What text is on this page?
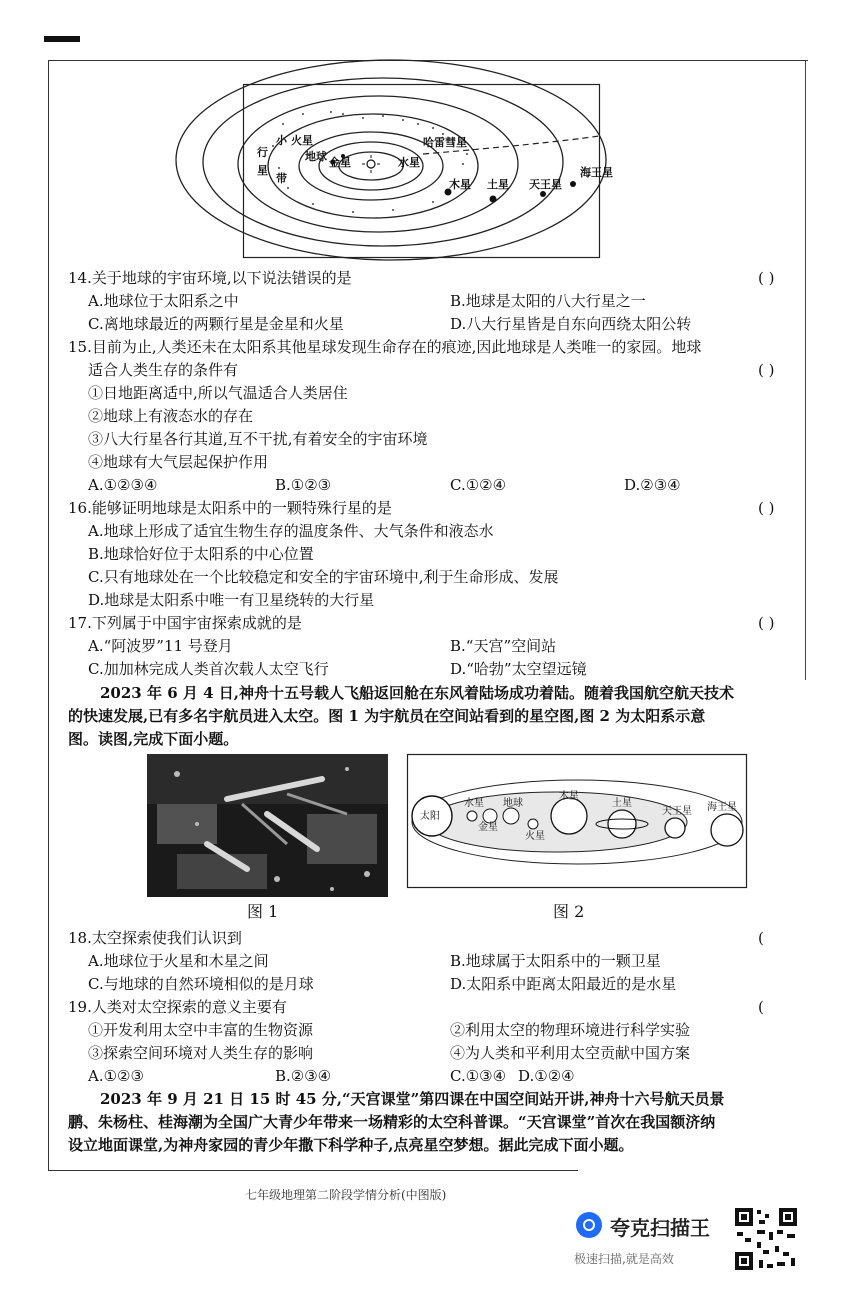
小
行
星
带
火星
地球 金星	水星
哈雷彗星
木星 土星 天王星
海王星
14.关于地球的宇宙环境,以下说法错误的是	( )
A.地球位于太阳系之中	B.地球是太阳的八大行星之一
C.离地球最近的两颗行星是金星和火星	D.八大行星皆是自东向西绕太阳公转
15.目前为止,人类还未在太阳系其他星球发现生命存在的痕迹,因此地球是人类唯一的家园。地球
适合人类生存的条件有	( )
①日地距离适中,所以气温适合人类居住
②地球上有液态水的存在
③八大行星各行其道,互不干扰,有着安全的宇宙环境
④地球有大气层起保护作用
A.①②③④	B.①②③	C.①②④	D.②③④
16.能够证明地球是太阳系中的一颗特殊行星的是	( )
A.地球上形成了适宜生物生存的温度条件、大气条件和液态水
B.地球恰好位于太阳系的中心位置
C.只有地球处在一个比较稳定和安全的宇宙环境中,利于生命形成、发展
D.地球是太阳系中唯一有卫星绕转的大行星
17.下列属于中国宇宙探索成就的是	( )
A.“阿波罗”11 号登月	B.“天宫”空间站
C.加加林完成人类首次载人太空飞行	D.“哈勃”太空望远镜
2023 年 6 月 4 日,神舟十五号载人飞船返回舱在东风着陆场成功着陆。随着我国航空航天技术
的快速发展,已有多名宇航员进入太空。图 1 为宇航员在空间站看到的星空图,图 2 为太阳系示意
图。读图,完成下面小题。
图 1
太阳
水星 地球
金星
火星
木星
土星
天王星 海王星
图 2
18.太空探索使我们认识到	(
A.地球位于火星和木星之间	B.地球属于太阳系中的一颗卫星
C.与地球的自然环境相似的是月球	D.太阳系中距离太阳最近的是水星
19.人类对太空探索的意义主要有	(
①开发利用太空中丰富的生物资源	②利用太空的物理环境进行科学实验
③探索空间环境对人类生存的影响	④为人类和平利用太空贡献中国方案
A.①②③	B.②③④	C.①③④ D.①②④
2023 年 9 月 21 日 15 时 45 分,“天宫课堂”第四课在中国空间站开讲,神舟十六号航天员景
鹏、朱杨柱、桂海潮为全国广大青少年带来一场精彩的太空科普课。“天宫课堂”首次在我国额济纳
设立地面课堂,为神舟家园的青少年撒下科学种子,点亮星空梦想。据此完成下面小题。
七年级地理第二阶段学情分析(中图版)
夸克扫描王
极速扫描,就是高效
